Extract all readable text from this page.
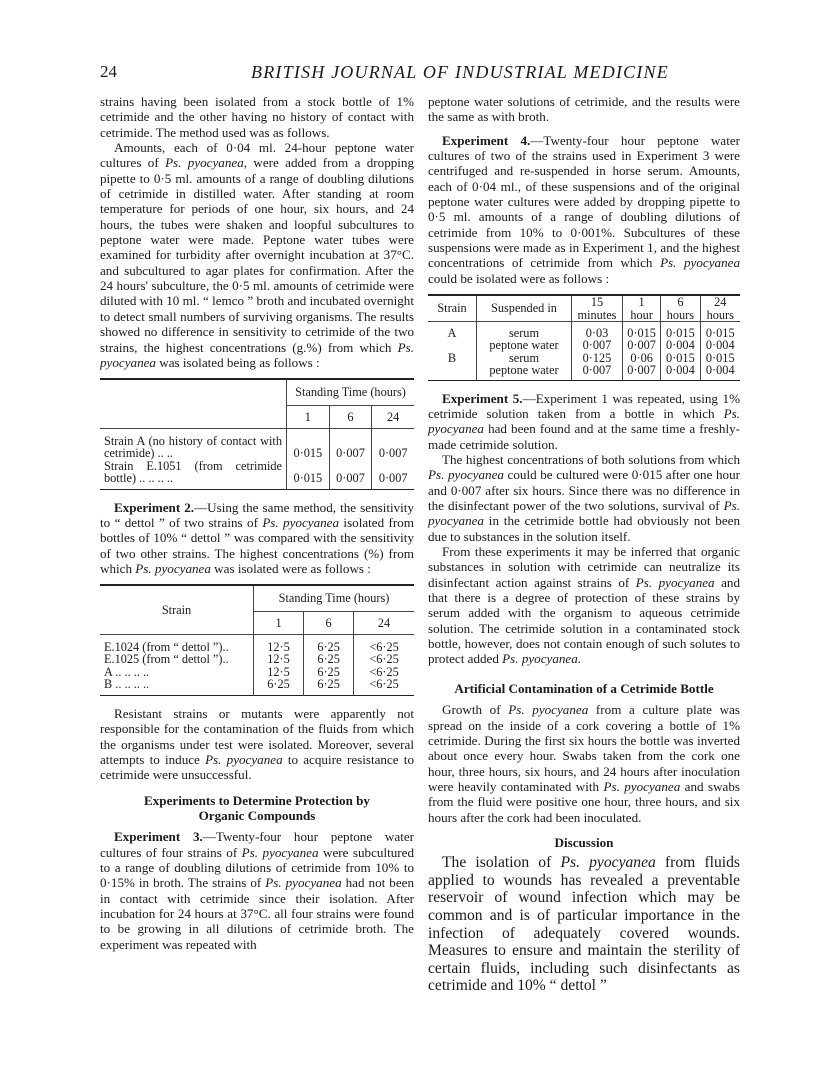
24	BRITISH JOURNAL OF INDUSTRIAL MEDICINE

strains having been isolated from a stock bottle of 1% cetrimide and the other having no history of contact with cetrimide. The method used was as follows.

Amounts, each of 0·04 ml. 24-hour peptone water cultures of Ps. pyocyanea, were added from a dropping pipette to 0·5 ml. amounts of a range of doubling dilutions of cetrimide in distilled water. After standing at room temperature for periods of one hour, six hours, and 24 hours, the tubes were shaken and loopful subcultures to peptone water were made. Peptone water tubes were examined for turbidity after overnight incubation at 37°C. and subcultured to agar plates for confirmation. After the 24 hours' subculture, the 0·5 ml. amounts of cetrimide were diluted with 10 ml. “ lemco ” broth and incubated overnight to detect small numbers of surviving organisms. The results showed no difference in sensitivity to cetrimide of the two strains, the highest concentrations (g.%) from which Ps. pyocyanea was isolated being as follows :

	Standing Time (hours)		
	1	6	24

Strain A (no history of contact with cetrimide) .. ..	0·015	0·007	0·007
Strain E.1051 (from cetrimide bottle) .. .. .. ..	0·015	0·007	0·007

Experiment 2.—Using the same method, the sensitivity to “ dettol ” of two strains of Ps. pyocyanea isolated from bottles of 10% “ dettol ” was compared with the sensitivity of two other strains. The highest concentrations (%) from which Ps. pyocyanea was isolated were as follows :

Strain	Standing Time (hours)		
	1	6	24

E.1024 (from “ dettol ”)..	12·5	6·25	<6·25
E.1025 (from “ dettol ”)..	12·5	6·25	<6·25
A .. .. .. ..	12·5	6·25	<6·25
B .. .. .. ..	6·25	6·25	<6·25

Resistant strains or mutants were apparently not responsible for the contamination of the fluids from which the organisms under test were isolated. Moreover, several attempts to induce Ps. pyocyanea to acquire resistance to cetrimide were unsuccessful.

Experiments to Determine Protection by Organic Compounds

Experiment 3.—Twenty-four hour peptone water cultures of four strains of Ps. pyocyanea were subcultured to a range of doubling dilutions of cetrimide from 10% to 0·15% in broth. The strains of Ps. pyocyanea had not been in contact with cetrimide since their isolation. After incubation for 24 hours at 37°C. all four strains were found to be growing in all dilutions of cetrimide broth. The experiment was repeated with

peptone water solutions of cetrimide, and the results were the same as with broth.

Experiment 4.—Twenty-four hour peptone water cultures of two of the strains used in Experiment 3 were centrifuged and re-suspended in horse serum. Amounts, each of 0·04 ml., of these suspensions and of the original peptone water cultures were added by dropping pipette to 0·5 ml. amounts of a range of doubling dilutions of cetrimide from 10% to 0·001%. Subcultures of these suspensions were made as in Experiment 1, and the highest concentrations of cetrimide from which Ps. pyocyanea could be isolated were as follows :

Strain	Suspended in	15 minutes	1 hour	6 hours	24 hours

A	serum	0·03	0·015	0·015	0·015
	peptone water	0·007	0·007	0·004	0·004
B	serum	0·125	0·06	0·015	0·015
	peptone water	0·007	0·007	0·004	0·004

Experiment 5.—Experiment 1 was repeated, using 1% cetrimide solution taken from a bottle in which Ps. pyocyanea had been found and at the same time a freshly-made cetrimide solution.

The highest concentrations of both solutions from which Ps. pyocyanea could be cultured were 0·015 after one hour and 0·007 after six hours. Since there was no difference in the disinfectant power of the two solutions, survival of Ps. pyocyanea in the cetrimide bottle had obviously not been due to substances in the solution itself.

From these experiments it may be inferred that organic substances in solution with cetrimide can neutralize its disinfectant action against strains of Ps. pyocyanea and that there is a degree of protection of these strains by serum added with the organism to aqueous cetrimide solution. The cetrimide solution in a contaminated stock bottle, however, does not contain enough of such solutes to protect added Ps. pyocyanea.

Artificial Contamination of a Cetrimide Bottle

Growth of Ps. pyocyanea from a culture plate was spread on the inside of a cork covering a bottle of 1% cetrimide. During the first six hours the bottle was inverted about once every hour. Swabs taken from the cork one hour, three hours, six hours, and 24 hours after inoculation were heavily contaminated with Ps. pyocyanea and swabs from the fluid were positive one hour, three hours, and six hours after the cork had been inoculated.

Discussion

The isolation of Ps. pyocyanea from fluids applied to wounds has revealed a preventable reservoir of wound infection which may be common and is of particular importance in the infection of adequately covered wounds. Measures to ensure and maintain the sterility of certain fluids, including such disinfectants as cetrimide and 10% “ dettol ”
